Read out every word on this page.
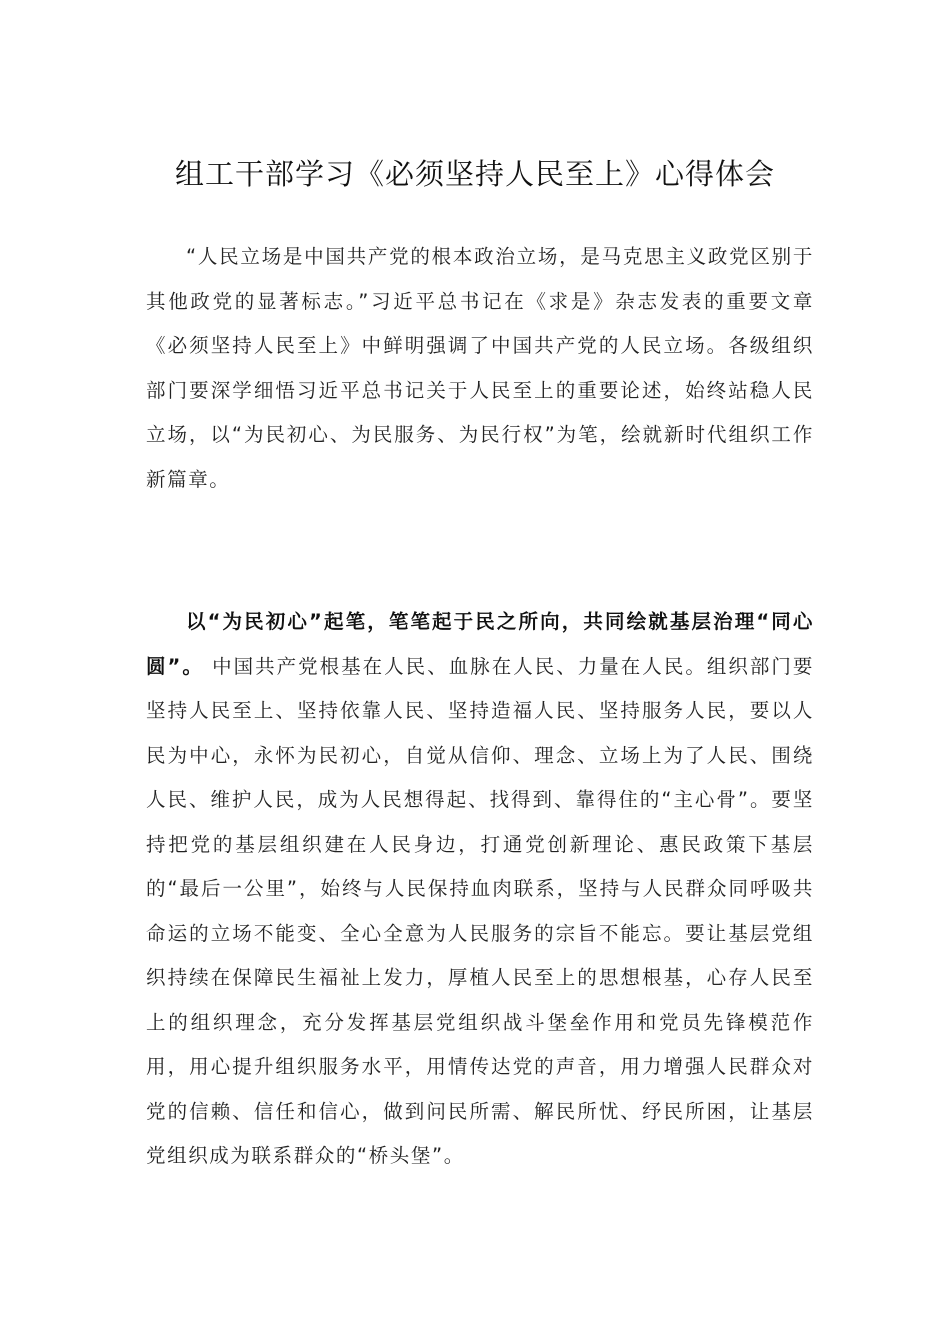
组工干部学习《必须坚持人民至上》心得体会

“人民立场是中国共产党的根本政治立场，是马克思主义政党区别于其他政党的显著标志。”习近平总书记在《求是》杂志发表的重要文章《必须坚持人民至上》中鲜明强调了中国共产党的人民立场。各级组织部门要深学细悟习近平总书记关于人民至上的重要论述，始终站稳人民立场，以“为民初心、为民服务、为民行权”为笔，绘就新时代组织工作新篇章。

以“为民初心”起笔，笔笔起于民之所向，共同绘就基层治理“同心圆”。 中国共产党根基在人民、血脉在人民、力量在人民。组织部门要坚持人民至上、坚持依靠人民、坚持造福人民、坚持服务人民，要以人民为中心，永怀为民初心，自觉从信仰、理念、立场上为了人民、围绕人民、维护人民，成为人民想得起、找得到、靠得住的“主心骨”。要坚持把党的基层组织建在人民身边，打通党创新理论、惠民政策下基层的“最后一公里”，始终与人民保持血肉联系，坚持与人民群众同呼吸共命运的立场不能变、全心全意为人民服务的宗旨不能忘。要让基层党组织持续在保障民生福祉上发力，厚植人民至上的思想根基，心存人民至上的组织理念，充分发挥基层党组织战斗堡垒作用和党员先锋模范作用，用心提升组织服务水平，用情传达党的声音，用力增强人民群众对党的信赖、信任和信心，做到问民所需、解民所忧、纾民所困，让基层党组织成为联系群众的“桥头堡”。
